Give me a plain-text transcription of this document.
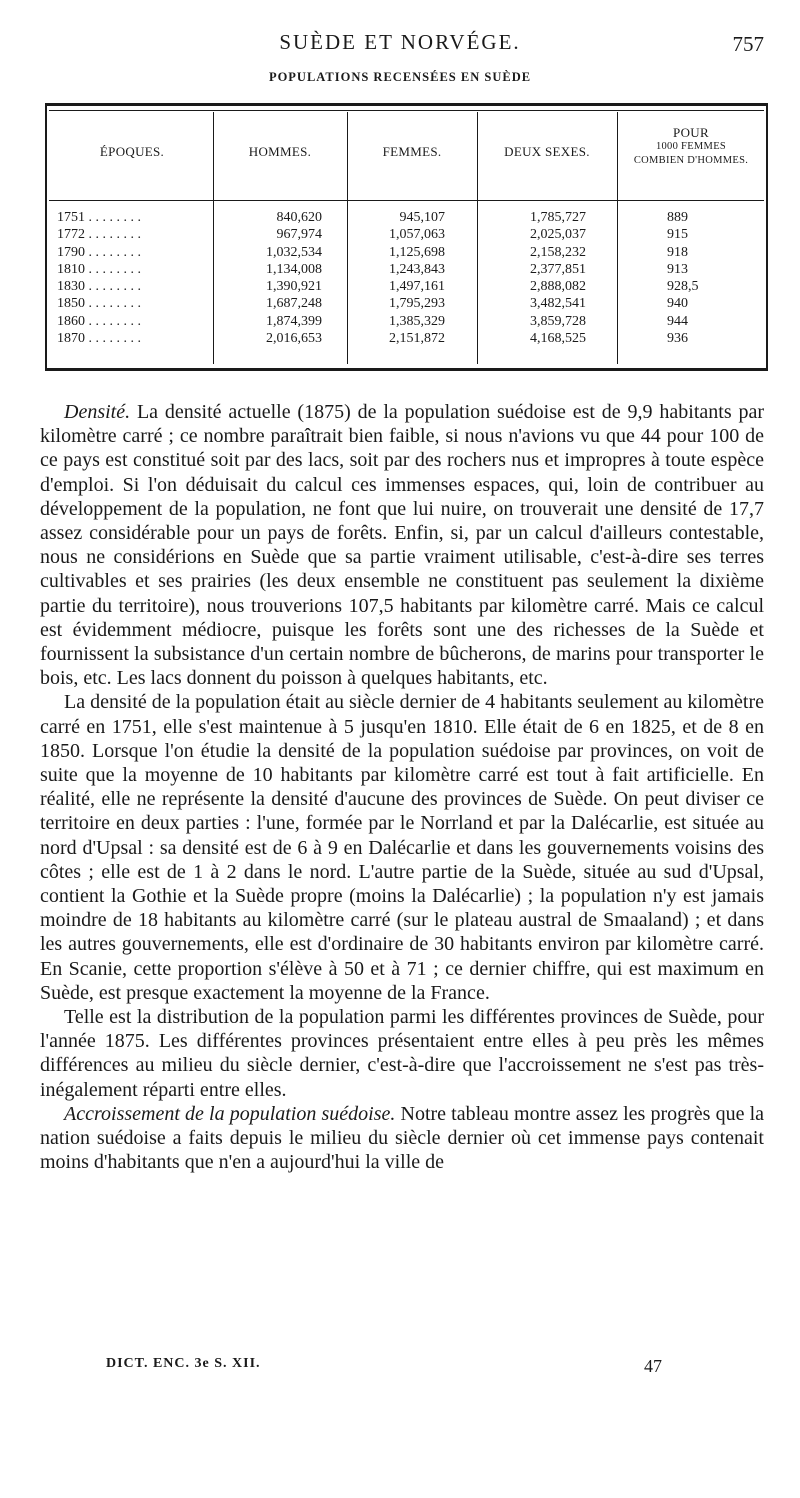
SUÈDE ET NORVÉGE.	757
POPULATIONS RECENSÉES EN SUÈDE
ÉPOQUES.	HOMMES.	FEMMES.	DEUX SEXES.
POUR
1000 FEMMES
COMBIEN D'HOMMES.
1751 . . . . . . . .	840,620	945,107	1,785,727	889
1772 . . . . . . . .	967,974	1,057,063	2,025,037	915
1790 . . . . . . . .	1,032,534	1,125,698	2,158,232	918
1810 . . . . . . . .	1,134,008	1,243,843	2,377,851	913
1830 . . . . . . . .	1,390,921	1,497,161	2,888,082	928,5
1850 . . . . . . . .	1,687,248	1,795,293	3,482,541	940
1860 . . . . . . . .	1,874,399	1,385,329	3,859,728	944
1870 . . . . . . . .	2,016,653	2,151,872	4,168,525	936

Densité. La densité actuelle (1875) de la population suédoise est de 9,9 habitants par kilomètre carré ; ce nombre paraîtrait bien faible, si nous n'avions vu que 44 pour 100 de ce pays est constitué soit par des lacs, soit par des rochers nus et impropres à toute espèce d'emploi. Si l'on déduisait du calcul ces immenses espaces, qui, loin de contribuer au développement de la population, ne font que lui nuire, on trouverait une densité de 17,7 assez considérable pour un pays de forêts. Enfin, si, par un calcul d'ailleurs contestable, nous ne considérions en Suède que sa partie vraiment utilisable, c'est-à-dire ses terres cultivables et ses prairies (les deux ensemble ne constituent pas seulement la dixième partie du territoire), nous trouverions 107,5 habitants par kilomètre carré. Mais ce calcul est évidemment médiocre, puisque les forêts sont une des richesses de la Suède et fournissent la subsistance d'un certain nombre de bûcherons, de marins pour transporter le bois, etc. Les lacs donnent du poisson à quelques habitants, etc.

La densité de la population était au siècle dernier de 4 habitants seulement au kilomètre carré en 1751, elle s'est maintenue à 5 jusqu'en 1810. Elle était de 6 en 1825, et de 8 en 1850. Lorsque l'on étudie la densité de la population suédoise par provinces, on voit de suite que la moyenne de 10 habitants par kilomètre carré est tout à fait artificielle. En réalité, elle ne représente la densité d'aucune des provinces de Suède. On peut diviser ce territoire en deux parties : l'une, formée par le Norrland et par la Dalécarlie, est située au nord d'Upsal : sa densité est de 6 à 9 en Dalécarlie et dans les gouvernements voisins des côtes ; elle est de 1 à 2 dans le nord. L'autre partie de la Suède, située au sud d'Upsal, contient la Gothie et la Suède propre (moins la Dalécarlie) ; la population n'y est jamais moindre de 18 habitants au kilomètre carré (sur le plateau austral de Smaaland) ; et dans les autres gouvernements, elle est d'ordinaire de 30 habitants environ par kilomètre carré. En Scanie, cette proportion s'élève à 50 et à 71 ; ce dernier chiffre, qui est maximum en Suède, est presque exactement la moyenne de la France.

Telle est la distribution de la population parmi les différentes provinces de Suède, pour l'année 1875. Les différentes provinces présentaient entre elles à peu près les mêmes différences au milieu du siècle dernier, c'est-à-dire que l'accroissement ne s'est pas très-inégalement réparti entre elles.

Accroissement de la population suédoise. Notre tableau montre assez les progrès que la nation suédoise a faits depuis le milieu du siècle dernier où cet immense pays contenait moins d'habitants que n'en a aujourd'hui la ville de

DICT. ENC. 3e S. XII.	47
